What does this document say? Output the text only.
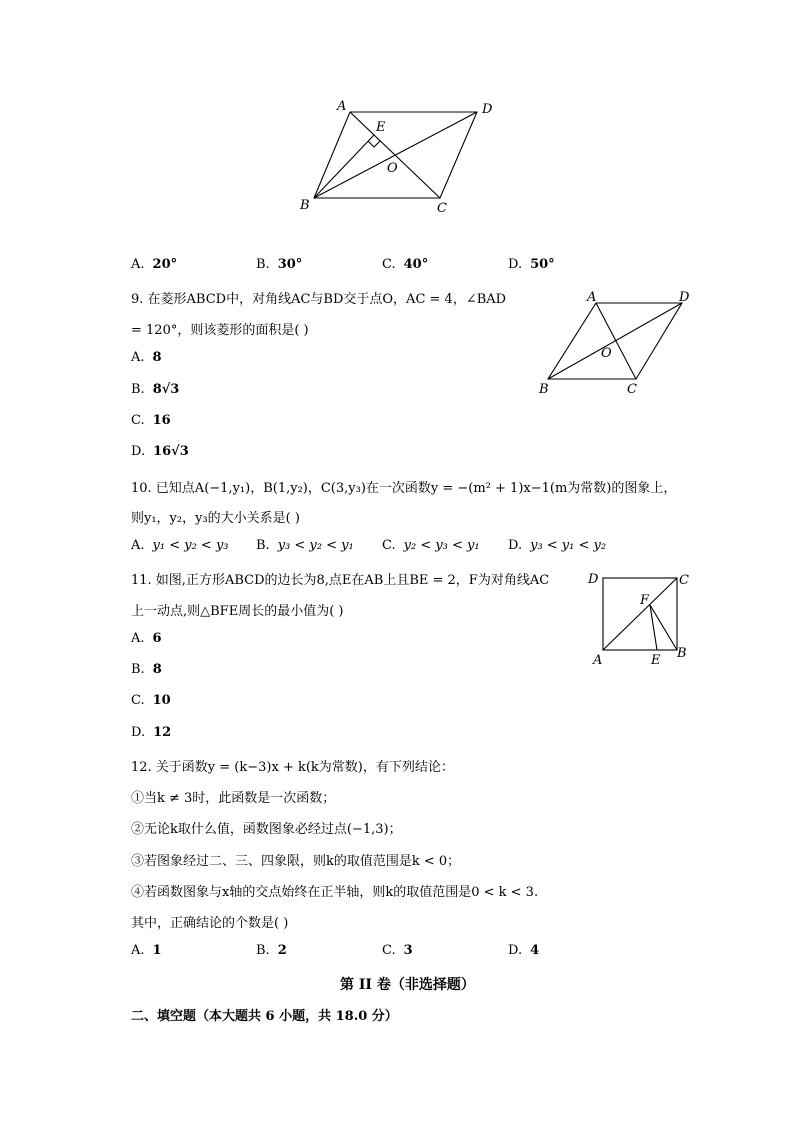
A	D
E
O
B	C
A. 20°	B. 30°	C. 40°	D. 50°
9. 在菱形ABCD中，对角线AC与BD交于点O，AC = 4，∠BAD
= 120°，则该菱形的面积是( )
A. 8
B. 8√3
C. 16
D. 16√3
A	D
O
B	C
10. 已知点A(−1,y₁)，B(1,y₂)，C(3,y₃)在一次函数y = −(m² + 1)x−1(m为常数)的图象上，
则y₁，y₂，y₃的大小关系是( )
A. y₁ < y₂ < y₃ B. y₃ < y₂ < y₁ C. y₂ < y₃ < y₁ D. y₃ < y₁ < y₂
11. 如图,正方形ABCD的边长为8,点E在AB上且BE = 2，F为对角线AC
上一动点,则△BFE周长的最小值为( )
A. 6
B. 8
C. 10
D. 12
D	C
F
A	E B
12. 关于函数y = (k−3)x + k(k为常数)，有下列结论：
①当k ≠ 3时，此函数是一次函数；
②无论k取什么值，函数图象必经过点(−1,3)；
③若图象经过二、三、四象限，则k的取值范围是k < 0；
④若函数图象与x轴的交点始终在正半轴，则k的取值范围是0 < k < 3.
其中，正确结论的个数是( )
A. 1	B. 2	C. 3	D. 4
第 II 卷（非选择题）
二、填空题（本大题共 6 小题，共 18.0 分）
